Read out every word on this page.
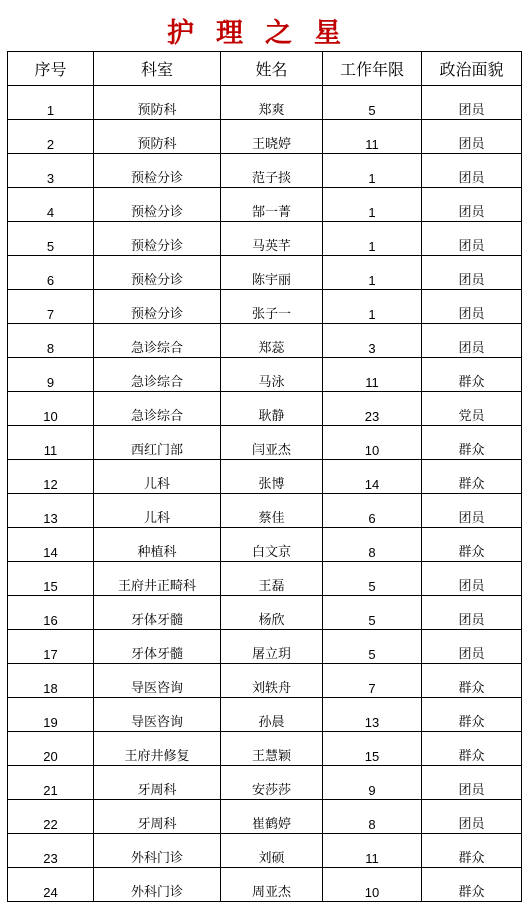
护理之星
序号	科室	姓名	工作年限	政治面貌
1	预防科	郑爽	5	团员
2	预防科	王晓婷	11	团员
3	预检分诊	范子掞	1	团员
4	预检分诊	郜一菁	1	团员
5	预检分诊	马英芊	1	团员
6	预检分诊	陈宇丽	1	团员
7	预检分诊	张子一	1	团员
8	急诊综合	郑蕊	3	团员
9	急诊综合	马泳	11	群众
10	急诊综合	耿静	23	党员
11	西红门部	闫亚杰	10	群众
12	儿科	张博	14	群众
13	儿科	蔡佳	6	团员
14	种植科	白文京	8	群众
15	王府井正畸科	王磊	5	团员
16	牙体牙髓	杨欣	5	团员
17	牙体牙髓	屠立玥	5	团员
18	导医咨询	刘轶舟	7	群众
19	导医咨询	孙晨	13	群众
20	王府井修复	王慧颖	15	群众
21	牙周科	安莎莎	9	团员
22	牙周科	崔鹤婷	8	团员
23	外科门诊	刘硕	11	群众
24	外科门诊	周亚杰	10	群众
